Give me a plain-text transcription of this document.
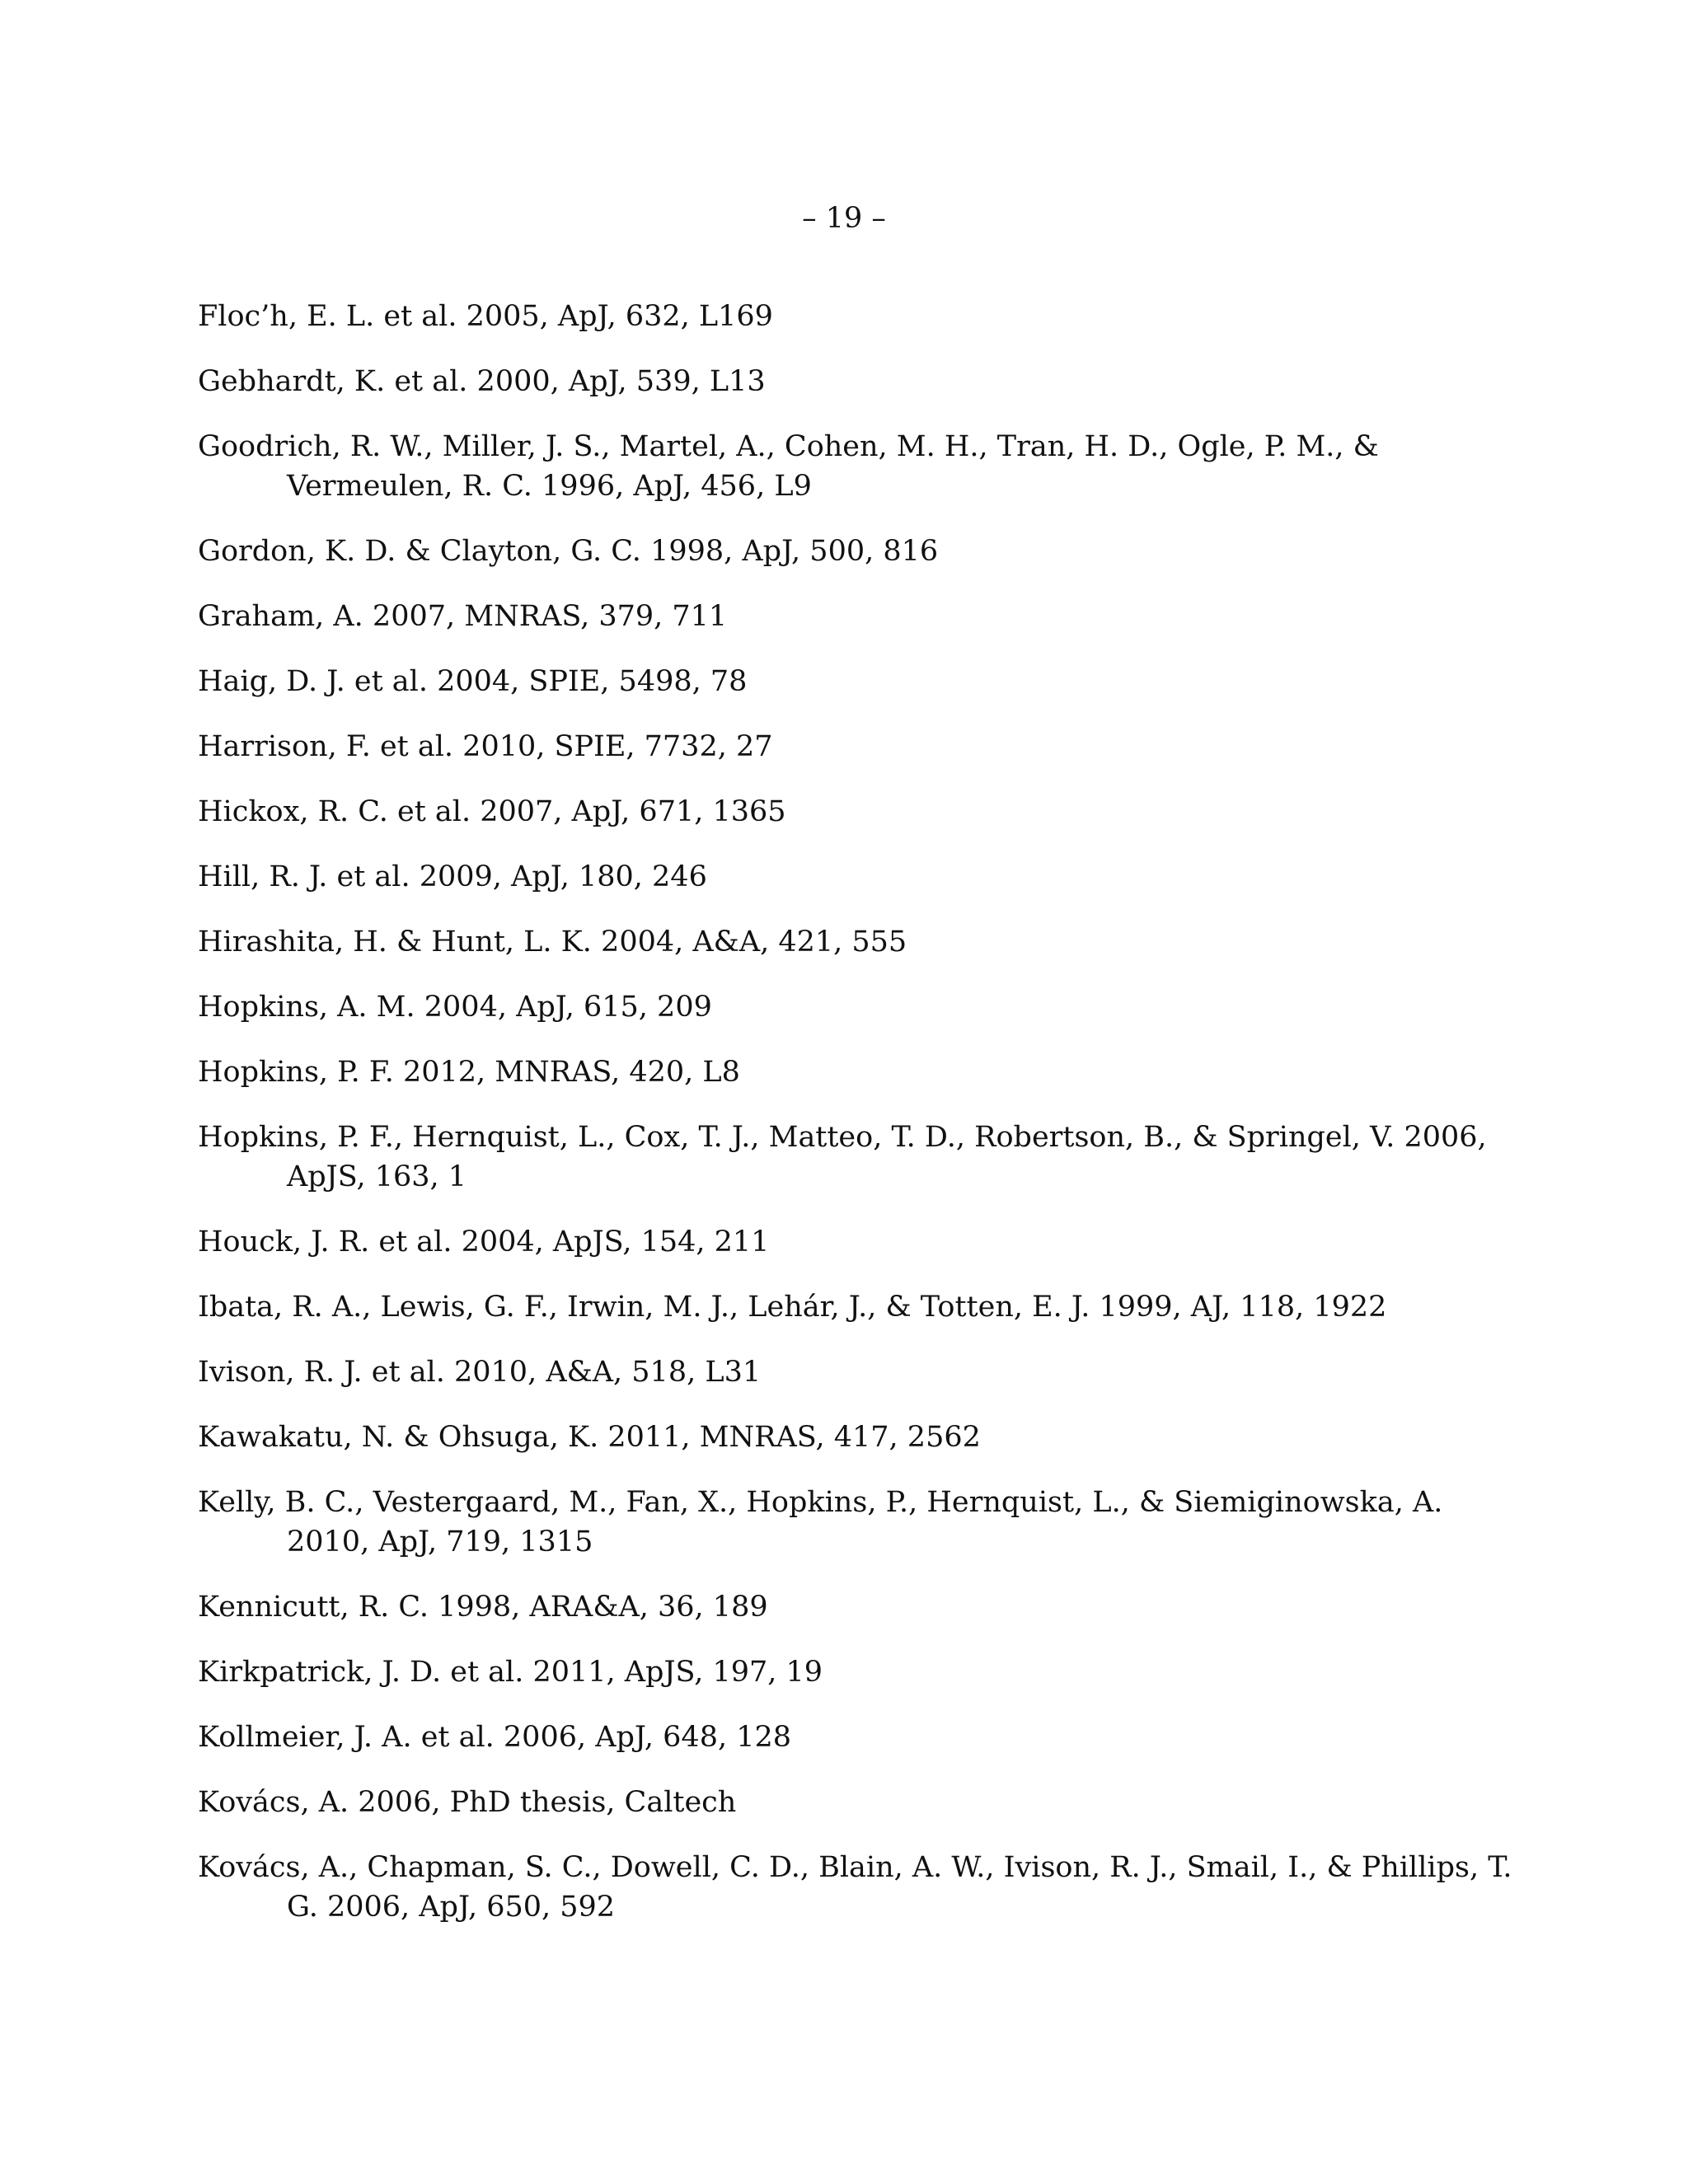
– 19 –
Floc’h, E. L. et al. 2005, ApJ, 632, L169
Gebhardt, K. et al. 2000, ApJ, 539, L13
Goodrich, R. W., Miller, J. S., Martel, A., Cohen, M. H., Tran, H. D., Ogle, P. M., & Vermeulen, R. C. 1996, ApJ, 456, L9
Gordon, K. D. & Clayton, G. C. 1998, ApJ, 500, 816
Graham, A. 2007, MNRAS, 379, 711
Haig, D. J. et al. 2004, SPIE, 5498, 78
Harrison, F. et al. 2010, SPIE, 7732, 27
Hickox, R. C. et al. 2007, ApJ, 671, 1365
Hill, R. J. et al. 2009, ApJ, 180, 246
Hirashita, H. & Hunt, L. K. 2004, A&A, 421, 555
Hopkins, A. M. 2004, ApJ, 615, 209
Hopkins, P. F. 2012, MNRAS, 420, L8
Hopkins, P. F., Hernquist, L., Cox, T. J., Matteo, T. D., Robertson, B., & Springel, V. 2006, ApJS, 163, 1
Houck, J. R. et al. 2004, ApJS, 154, 211
Ibata, R. A., Lewis, G. F., Irwin, M. J., Lehár, J., & Totten, E. J. 1999, AJ, 118, 1922
Ivison, R. J. et al. 2010, A&A, 518, L31
Kawakatu, N. & Ohsuga, K. 2011, MNRAS, 417, 2562
Kelly, B. C., Vestergaard, M., Fan, X., Hopkins, P., Hernquist, L., & Siemiginowska, A. 2010, ApJ, 719, 1315
Kennicutt, R. C. 1998, ARA&A, 36, 189
Kirkpatrick, J. D. et al. 2011, ApJS, 197, 19
Kollmeier, J. A. et al. 2006, ApJ, 648, 128
Kovács, A. 2006, PhD thesis, Caltech
Kovács, A., Chapman, S. C., Dowell, C. D., Blain, A. W., Ivison, R. J., Smail, I., & Phillips, T. G. 2006, ApJ, 650, 592
